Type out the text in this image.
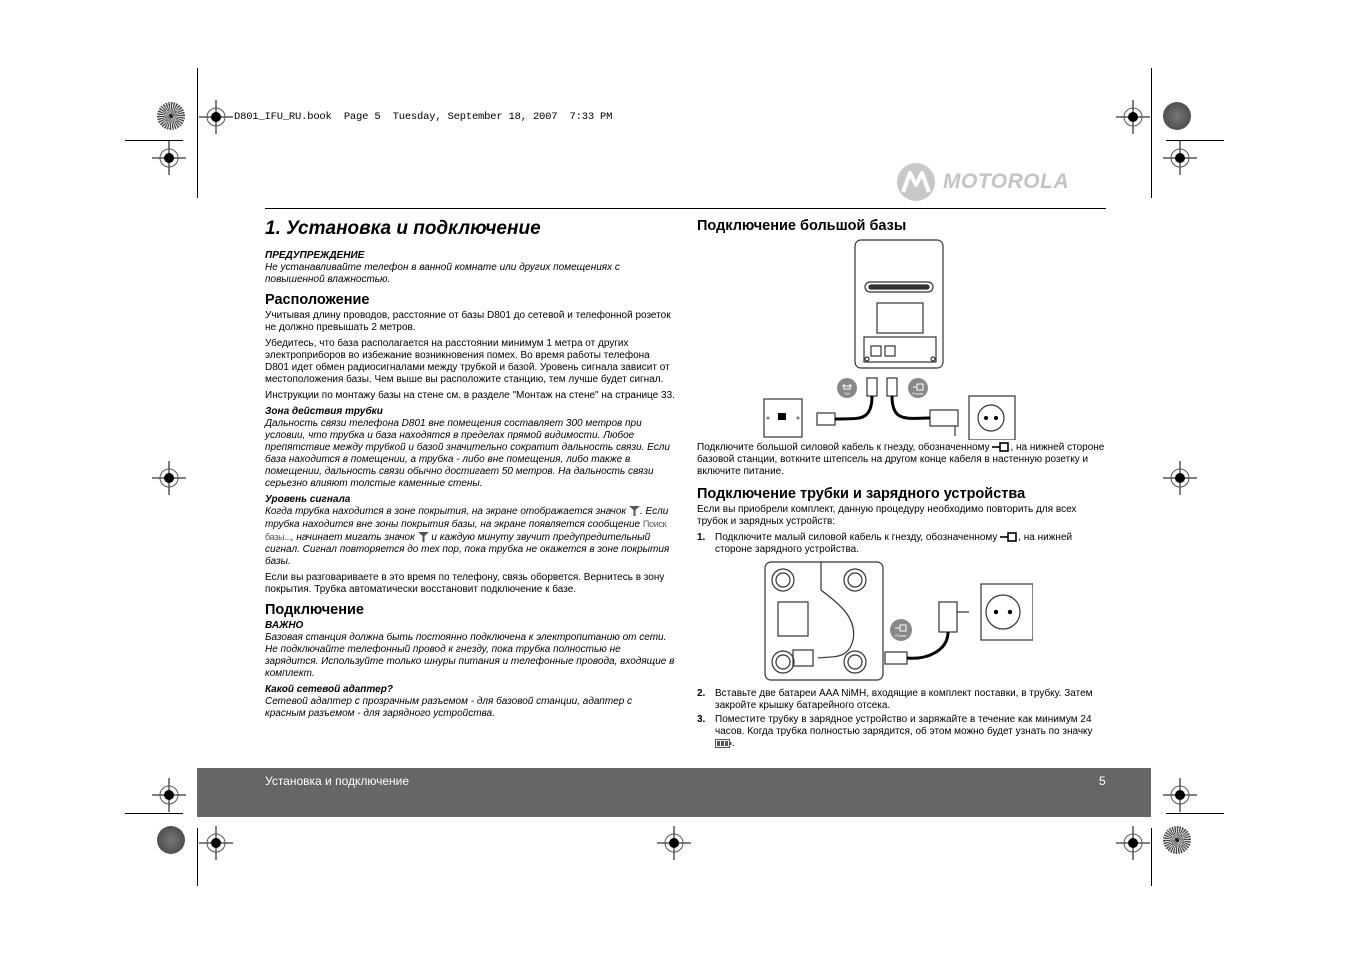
D801_IFU_RU.book  Page 5  Tuesday, September 18, 2007  7:33 PM
MOTOROLA
1. Установка и подключение
ПРЕДУПРЕЖДЕНИЕ

Не устанавливайте телефон в ванной комнате или других помещениях с повышенной влажностью.

Расположение

Учитывая длину проводов, расстояние от базы D801 до сетевой и телефонной розеток не должно превышать 2 метров.

Убедитесь, что база располагается на расстоянии минимум 1 метра от других электроприборов во избежание возникновения помех. Во время работы телефона D801 идет обмен радиосигналами между трубкой и базой. Уровень сигнала зависит от местоположения базы. Чем выше вы расположите станцию, тем лучше будет сигнал.

Инструкции по монтажу базы на стене см. в разделе "Монтаж на стене" на странице 33.

Зона действия трубки

Дальность связи телефона D801 вне помещения составляет 300 метров при условии, что трубка и база находятся в пределах прямой видимости. Любое препятствие между трубкой и базой значительно сократит дальность связи. Если база находится в помещении, а трубка - либо вне помещения, либо также в помещении, дальность связи обычно достигает 50 метров. На дальность связи серьезно влияют толстые каменные стены.

Уровень сигнала

Когда трубка находится в зоне покрытия, на экране отображается значок . Если трубка находится вне зоны покрытия базы, на экране появляется сообщение Поиск базы..., начинает мигать значок и каждую минуту звучит предупредительный сигнал. Сигнал повторяется до тех пор, пока трубка не окажется в зоне покрытия базы.

Если вы разговариваете в это время по телефону, связь оборвется. Вернитесь в зону покрытия. Трубка автоматически восстановит подключение к базе.

Подключение
ВАЖНО

Базовая станция должна быть постоянно подключена к электропитанию от сети. Не подключайте телефонный провод к гнезду, пока трубка полностью не зарядится. Используйте только шнуры питания и телефонные провода, входящие в комплект.

Какой сетевой адаптер?

Сетевой адаптер с прозрачным разъемом - для базовой станции, адаптер с красным разъемом - для зарядного устройства.

Подключение большой базы
Tel	Power

Подключите большой силовой кабель к гнезду, обозначенному , на нижней стороне базовой станции, воткните штепсель на другом конце кабеля в настенную розетку и включите питание.

Подключение трубки и зарядного устройства

Если вы приобрели комплект, данную процедуру необходимо повторить для всех трубок и зарядных устройств:

1. Подключите малый силовой кабель к гнезду, обозначенному , на нижней стороне зарядного устройства.
Power
2. Вставьте две батареи AAA NiMH, входящие в комплект поставки, в трубку. Затем закройте крышку батарейного отсека.
3. Поместите трубку в зарядное устройство и заряжайте в течение как минимум 24 часов. Когда трубка полностью зарядится, об этом можно будет узнать по значку .
Установка и подключение	5
